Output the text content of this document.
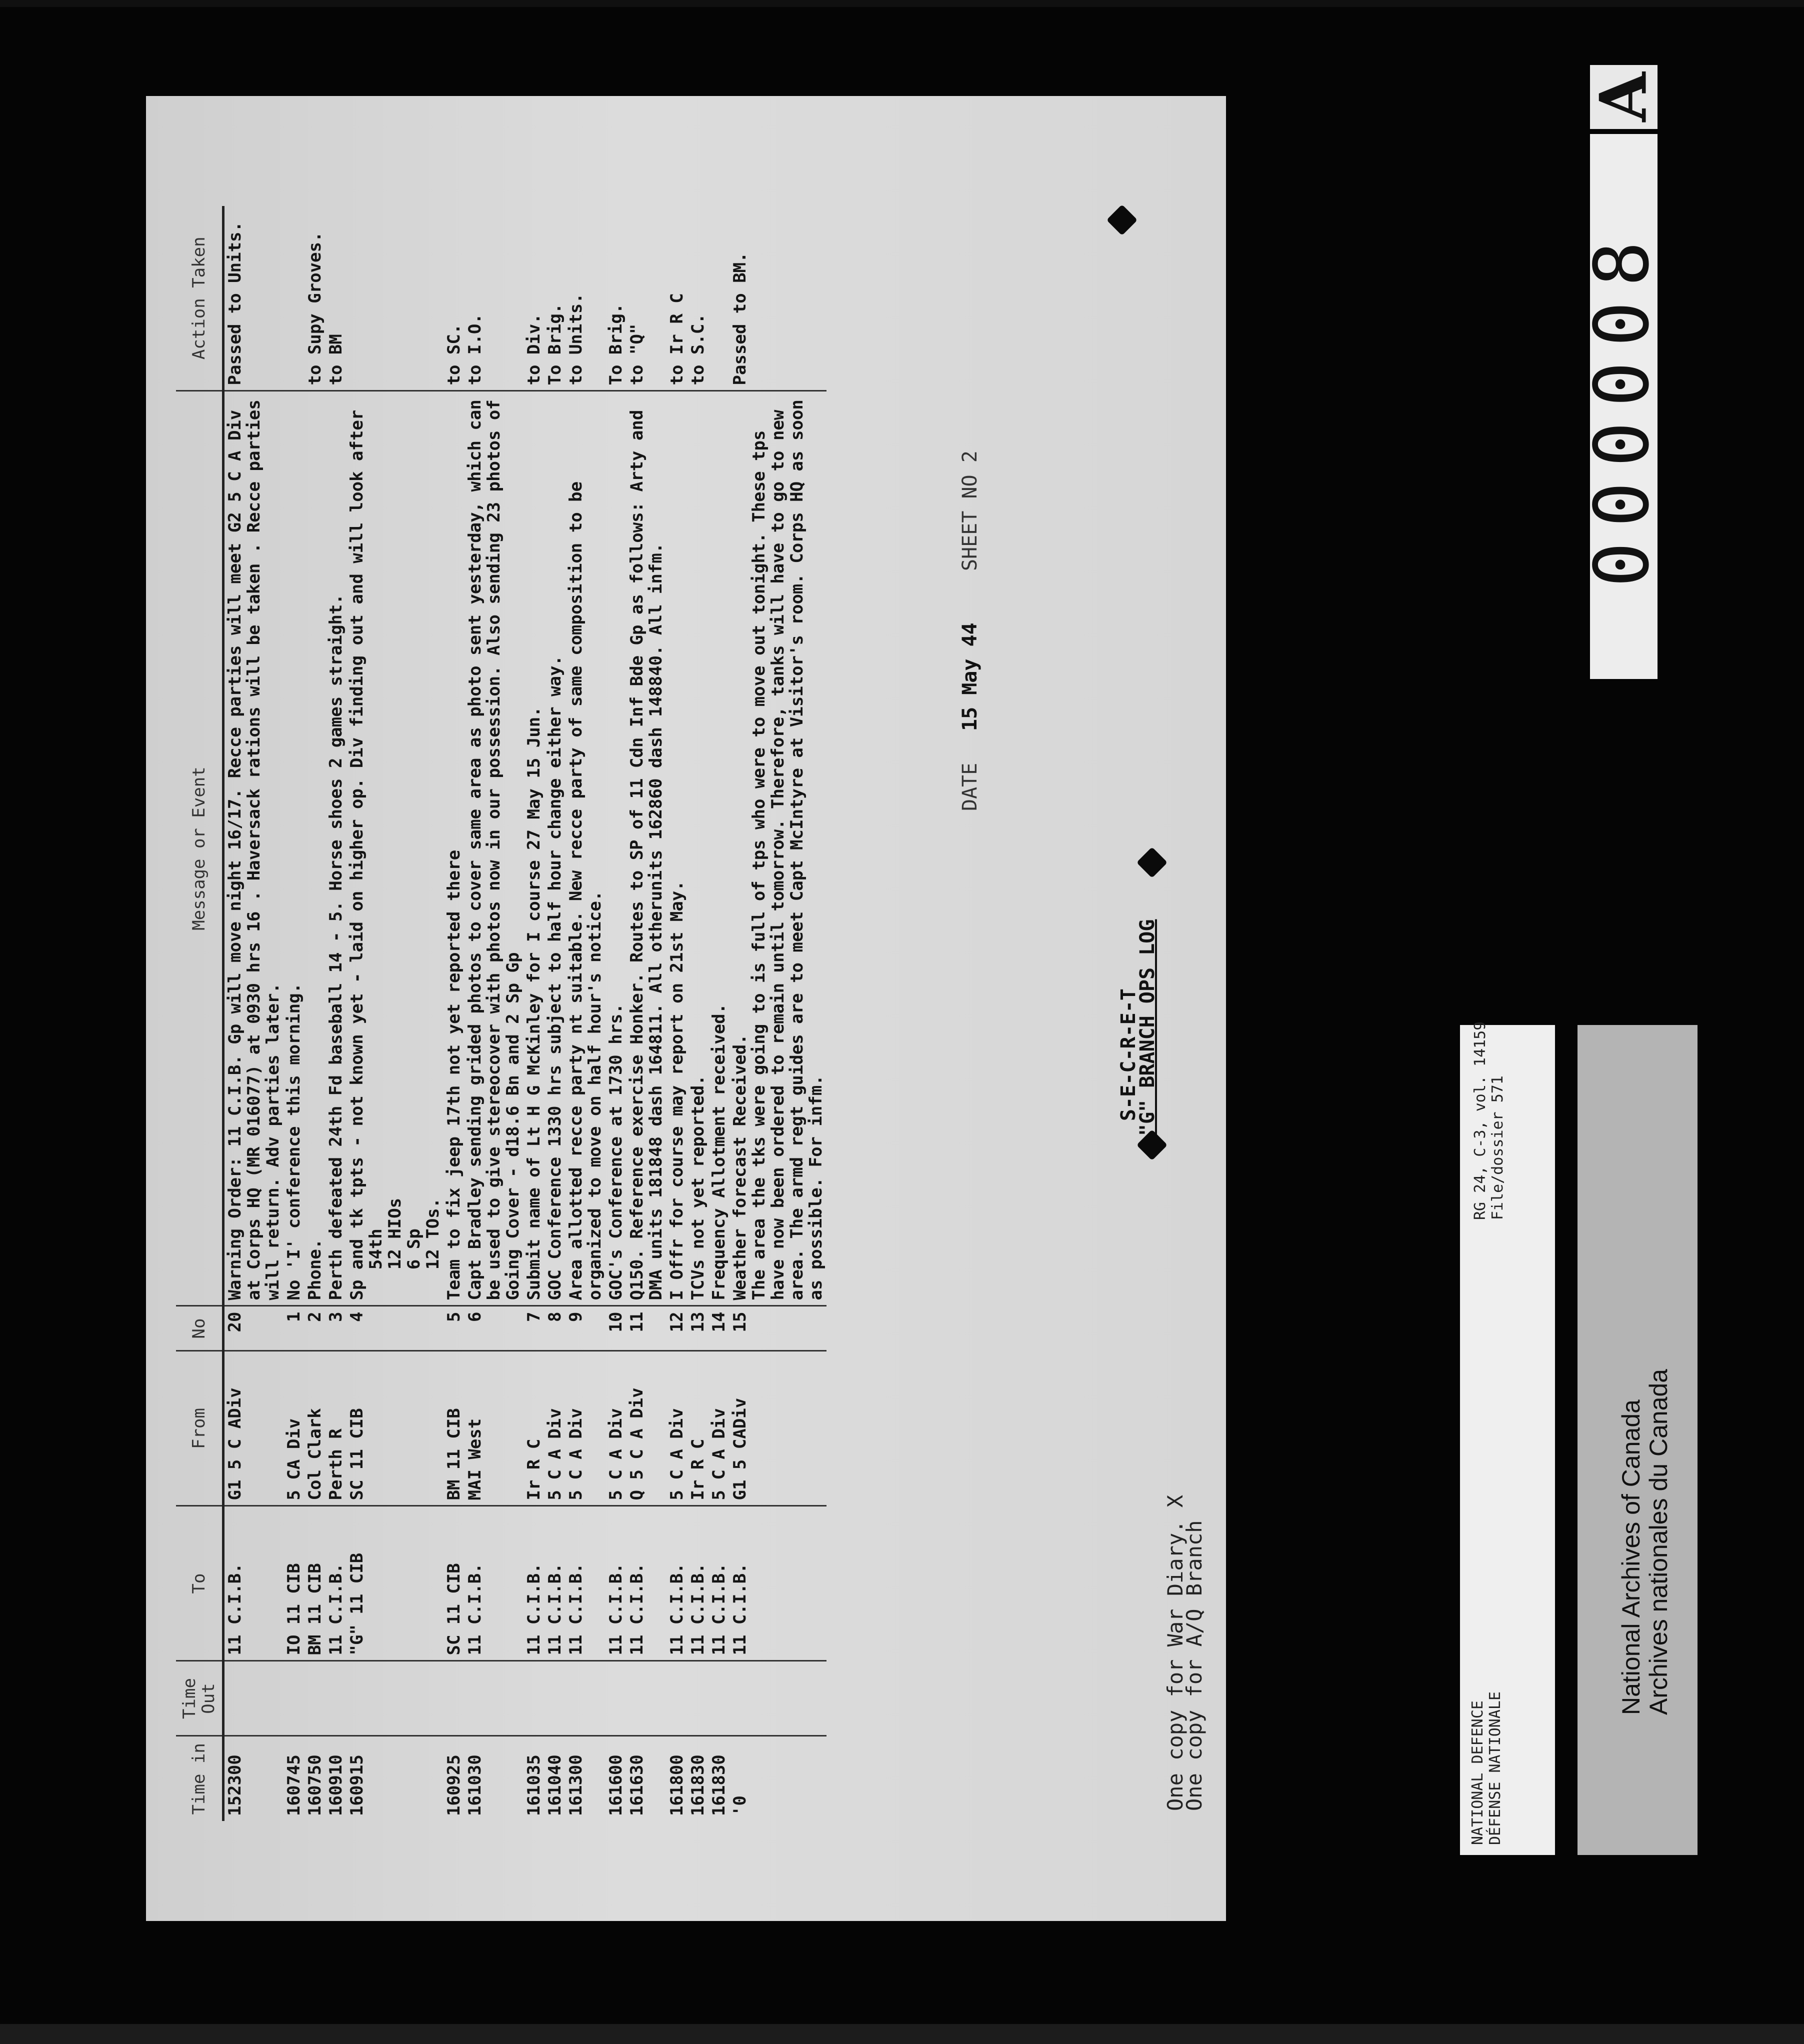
One copy for War Diary. X
One copy for A/Q Branch
"G" BRANCH OPS LOG
S-E-C-R-E-T
DATE
15 May 44
SHEET NO 2
Time in	Time Out	To	From	No	Message or Event	Action Taken
152300		11 C.I.B.	G1 5 C ADiv	20	Warning Order: 11 C.I.B. Gp will move night 16/17. Recce parties will meet G2 5 C A Div at Corps HQ (MR 016077) at 0930 hrs 16 . Haversack rations will be taken . Recce parties will return. Adv parties later.	Passed to Units.
160745		IO 11 CIB	5 CA Div	1	No 'I' conference this morning.	
160750		BM 11 CIB	Col Clark	2	Phone.	to Supy Groves.
160910		11 C.I.B.	Perth R	3	Perth defeated 24th Fd baseball 14 - 5. Horse shoes 2 games straight.	to BM
160915		"G" 11 CIB	SC 11 CIB	4	Sp and tk tpts - not known yet - laid on higher op. Div finding out and will look after
54th
12 HIOs
6 Sp
12 TOs.	
160925		SC 11 CIB	BM 11 CIB	5	Team to fix jeep 17th not yet reported there	to SC.
161030		11 C.I.B.	MAI West	6	Capt Bradley sending grided photos to cover same area as photo sent yesterday, which can be used to give stereocover with photos now in our possession. Also sending 23 photos of Going Cover - d18.6 Bn and 2 Sp Gp	to I.O.
161035		11 C.I.B.	Ir R C	7	Submit name of Lt H G McKinley for I course 27 May 15 Jun.	to Div.
161040		11 C.I.B.	5 C A Div	8	GOC Conference 1330 hrs subject to half hour change either way.	To Brig.
161300		11 C.I.B.	5 C A Div	9	Area allotted recce party nt suitable. New recce party of same composition to be organized to move on half hour's notice.	to Units.
161600		11 C.I.B.	5 C A Div	10	GOC's Conference at 1730 hrs.	To Brig.
161630		11 C.I.B.	Q 5 C A Div	11	Q150. Reference exercise Honker. Routes to SP of 11 Cdn Inf Bde Gp as follows: Arty and DMA units 181848 dash 164811. All otherunits 162860 dash 148840. All infm.	to "Q"
161800		11 C.I.B.	5 C A Div	12	I Offr for course may report on 21st May.	to Ir R C
161830		11 C.I.B.	Ir R C	13	TCVs not yet reported.	to S.C.
161830		11 C.I.B.	5 C A Div	14	Frequency Allotment received.	
'0		11 C.I.B.	G1 5 CADiv	15	Weather forecast Received.
The area the tks were going to is full of tps who were to move out tonight. These tps have now been ordered to remain until tomorrow. Therefore, tanks will have to go to new area. The armd regt guides are to meet Capt McIntyre at Visitor's room. Corps HQ as soon as possible. For infm.	Passed to BM.
A
000008
NATIONAL DEFENCE DÉFENSE NATIONALE
RG 24, C-3, vol. 14159 File/dossier 571
National Archives of Canada Archives nationales du Canada
